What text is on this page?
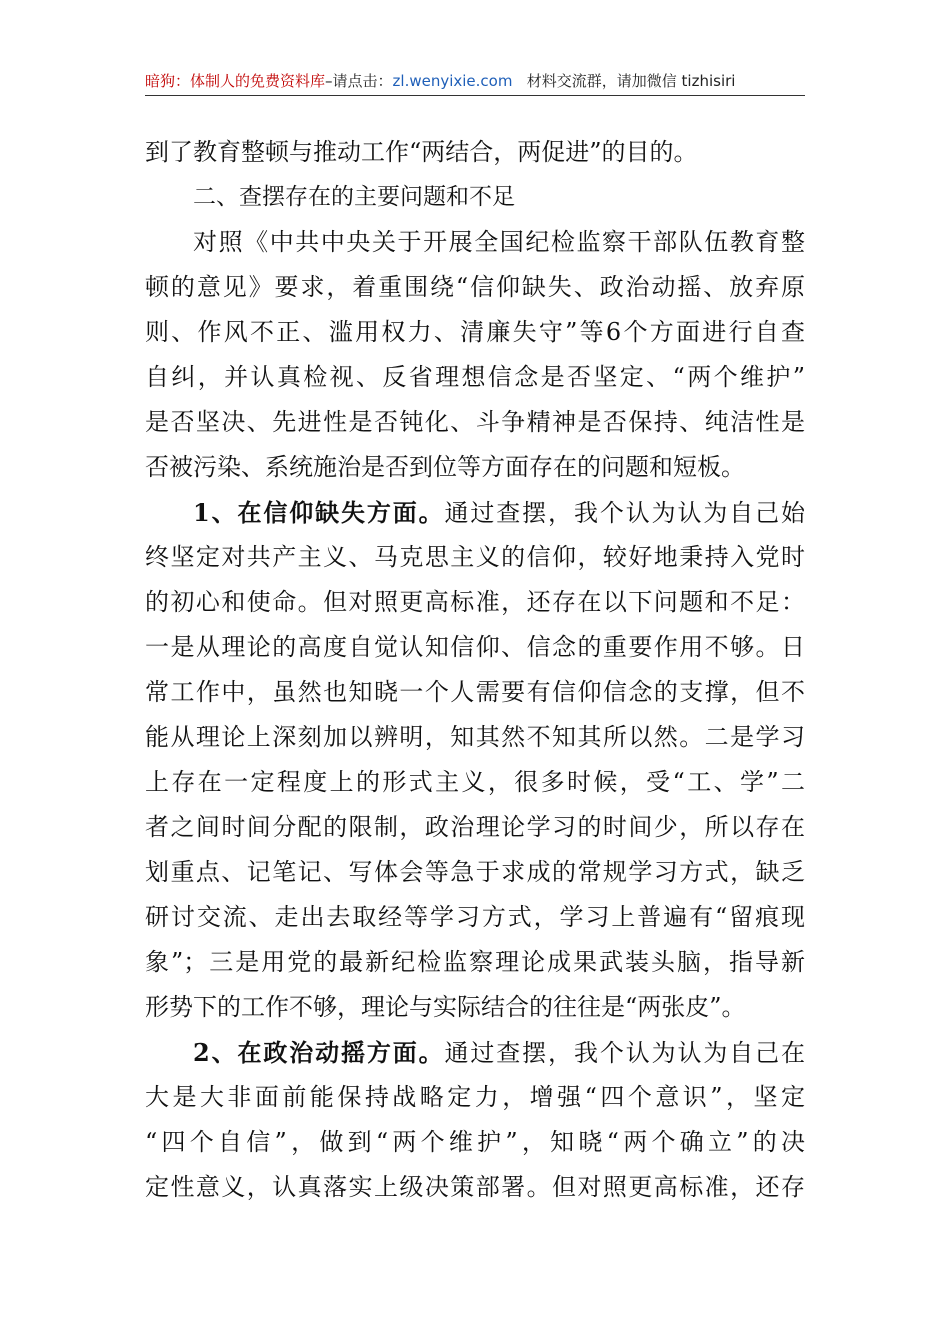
暗狗：体制人的免费资料库–请点击：zl.wenyixie.com 材料交流群，请加微信 tizhisiri
到了教育整顿与推动工作“两结合，两促进”的目的。
二、查摆存在的主要问题和不足
对照《中共中央关于开展全国纪检监察干部队伍教育整
顿的意见》要求，着重围绕“信仰缺失、政治动摇、放弃原
则、作风不正、滥用权力、清廉失守”等6个方面进行自查
自纠，并认真检视、反省理想信念是否坚定、“两个维护”
是否坚决、先进性是否钝化、斗争精神是否保持、纯洁性是
否被污染、系统施治是否到位等方面存在的问题和短板。
1、在信仰缺失方面。通过查摆，我个认为认为自己始
终坚定对共产主义、马克思主义的信仰，较好地秉持入党时
的初心和使命。但对照更高标准，还存在以下问题和不足：
一是从理论的高度自觉认知信仰、信念的重要作用不够。日
常工作中，虽然也知晓一个人需要有信仰信念的支撑，但不
能从理论上深刻加以辨明，知其然不知其所以然。二是学习
上存在一定程度上的形式主义，很多时候，受“工、学”二
者之间时间分配的限制，政治理论学习的时间少，所以存在
划重点、记笔记、写体会等急于求成的常规学习方式，缺乏
研讨交流、走出去取经等学习方式，学习上普遍有“留痕现
象”；三是用党的最新纪检监察理论成果武装头脑，指导新
形势下的工作不够，理论与实际结合的往往是“两张皮”。
2、在政治动摇方面。通过查摆，我个认为认为自己在
大是大非面前能保持战略定力，增强“四个意识”，坚定
“四个自信”，做到“两个维护”，知晓“两个确立”的决
定性意义，认真落实上级决策部署。但对照更高标准，还存
